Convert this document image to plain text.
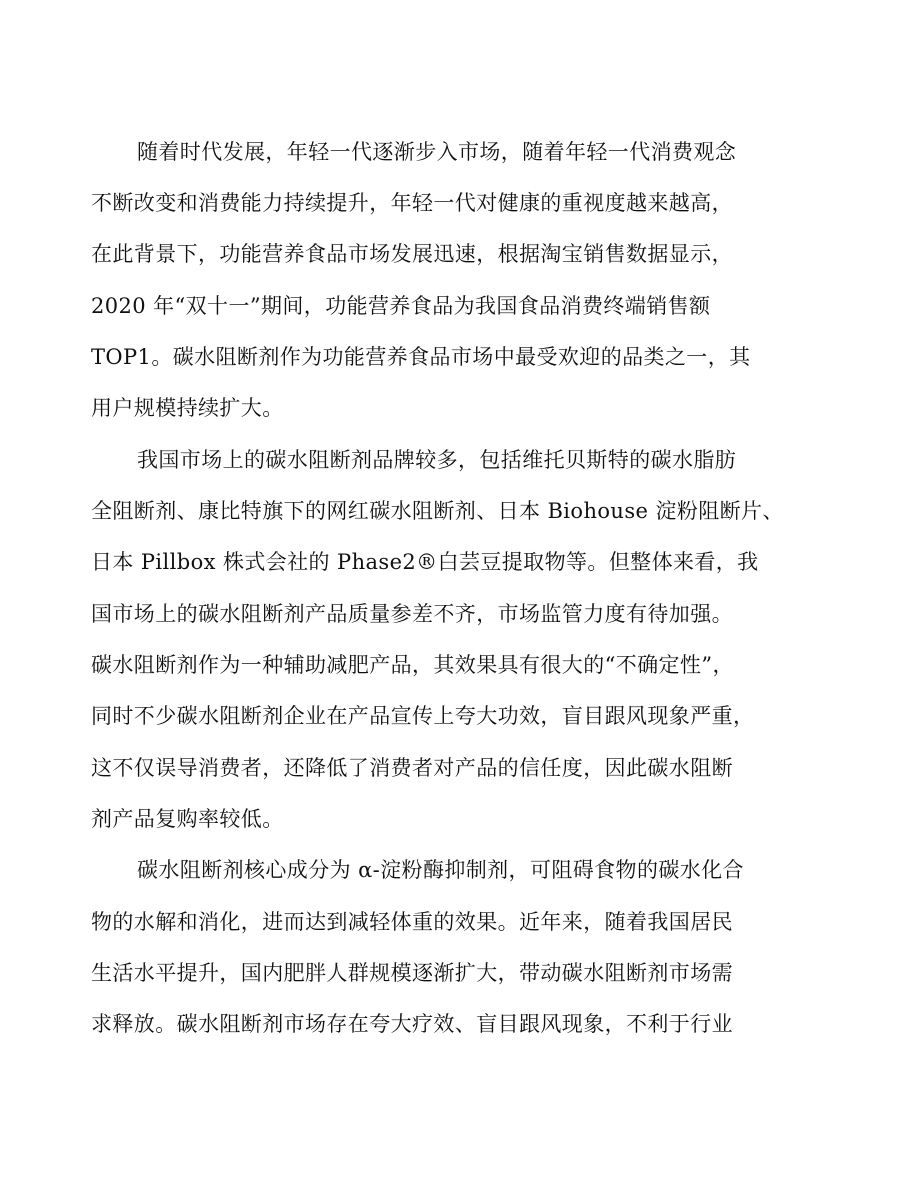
随着时代发展，年轻一代逐渐步入市场，随着年轻一代消费观念
不断改变和消费能力持续提升，年轻一代对健康的重视度越来越高，
在此背景下，功能营养食品市场发展迅速，根据淘宝销售数据显示，
2020 年“双十一”期间，功能营养食品为我国食品消费终端销售额
TOP1。碳水阻断剂作为功能营养食品市场中最受欢迎的品类之一，其
用户规模持续扩大。
我国市场上的碳水阻断剂品牌较多，包括维托贝斯特的碳水脂肪
全阻断剂、康比特旗下的网红碳水阻断剂、日本 Biohouse 淀粉阻断片、
日本 Pillbox 株式会社的 Phase2®白芸豆提取物等。但整体来看，我
国市场上的碳水阻断剂产品质量参差不齐，市场监管力度有待加强。
碳水阻断剂作为一种辅助减肥产品，其效果具有很大的“不确定性”，
同时不少碳水阻断剂企业在产品宣传上夸大功效，盲目跟风现象严重，
这不仅误导消费者，还降低了消费者对产品的信任度，因此碳水阻断
剂产品复购率较低。
碳水阻断剂核心成分为 α-淀粉酶抑制剂，可阻碍食物的碳水化合
物的水解和消化，进而达到减轻体重的效果。近年来，随着我国居民
生活水平提升，国内肥胖人群规模逐渐扩大，带动碳水阻断剂市场需
求释放。碳水阻断剂市场存在夸大疗效、盲目跟风现象，不利于行业
